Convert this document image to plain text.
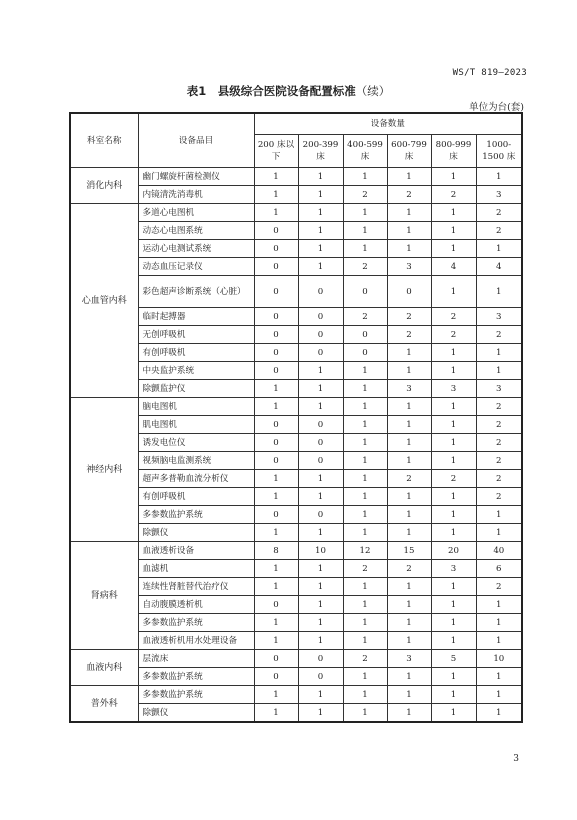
WS/T 819—2023
表1　县级综合医院设备配置标准（续）
单位为台(套)
科室名称	设备品目	设备数量					
		200 床以下	200-399 床	400-599 床	600-799 床	800-999 床	1000-1500 床
消化内科	幽门螺旋杆菌检测仪	1	1	1	1	1	1
	内镜清洗消毒机	1	1	2	2	2	3
心血管内科	多道心电图机	1	1	1	1	1	2
	动态心电图系统	0	1	1	1	1	2
	运动心电测试系统	0	1	1	1	1	1
	动态血压记录仪	0	1	2	3	4	4
	彩色超声诊断系统（心脏）	0	0	0	0	1	1
	临时起搏器	0	0	2	2	2	3
	无创呼吸机	0	0	0	2	2	2
	有创呼吸机	0	0	0	1	1	1
	中央监护系统	0	1	1	1	1	1
	除颤监护仪	1	1	1	3	3	3
神经内科	脑电图机	1	1	1	1	1	2
	肌电图机	0	0	1	1	1	2
	诱发电位仪	0	0	1	1	1	2
	视频脑电监测系统	0	0	1	1	1	2
	超声多普勒血流分析仪	1	1	1	2	2	2
	有创呼吸机	1	1	1	1	1	2
	多参数监护系统	0	0	1	1	1	1
	除颤仪	1	1	1	1	1	1
肾病科	血液透析设备	8	10	12	15	20	40
	血滤机	1	1	2	2	3	6
	连续性肾脏替代治疗仪	1	1	1	1	1	2
	自动腹膜透析机	0	1	1	1	1	1
	多参数监护系统	1	1	1	1	1	1
	血液透析机用水处理设备	1	1	1	1	1	1
血液内科	层流床	0	0	2	3	5	10
	多参数监护系统	0	0	1	1	1	1
普外科	多参数监护系统	1	1	1	1	1	1
	除颤仪	1	1	1	1	1	1
3
